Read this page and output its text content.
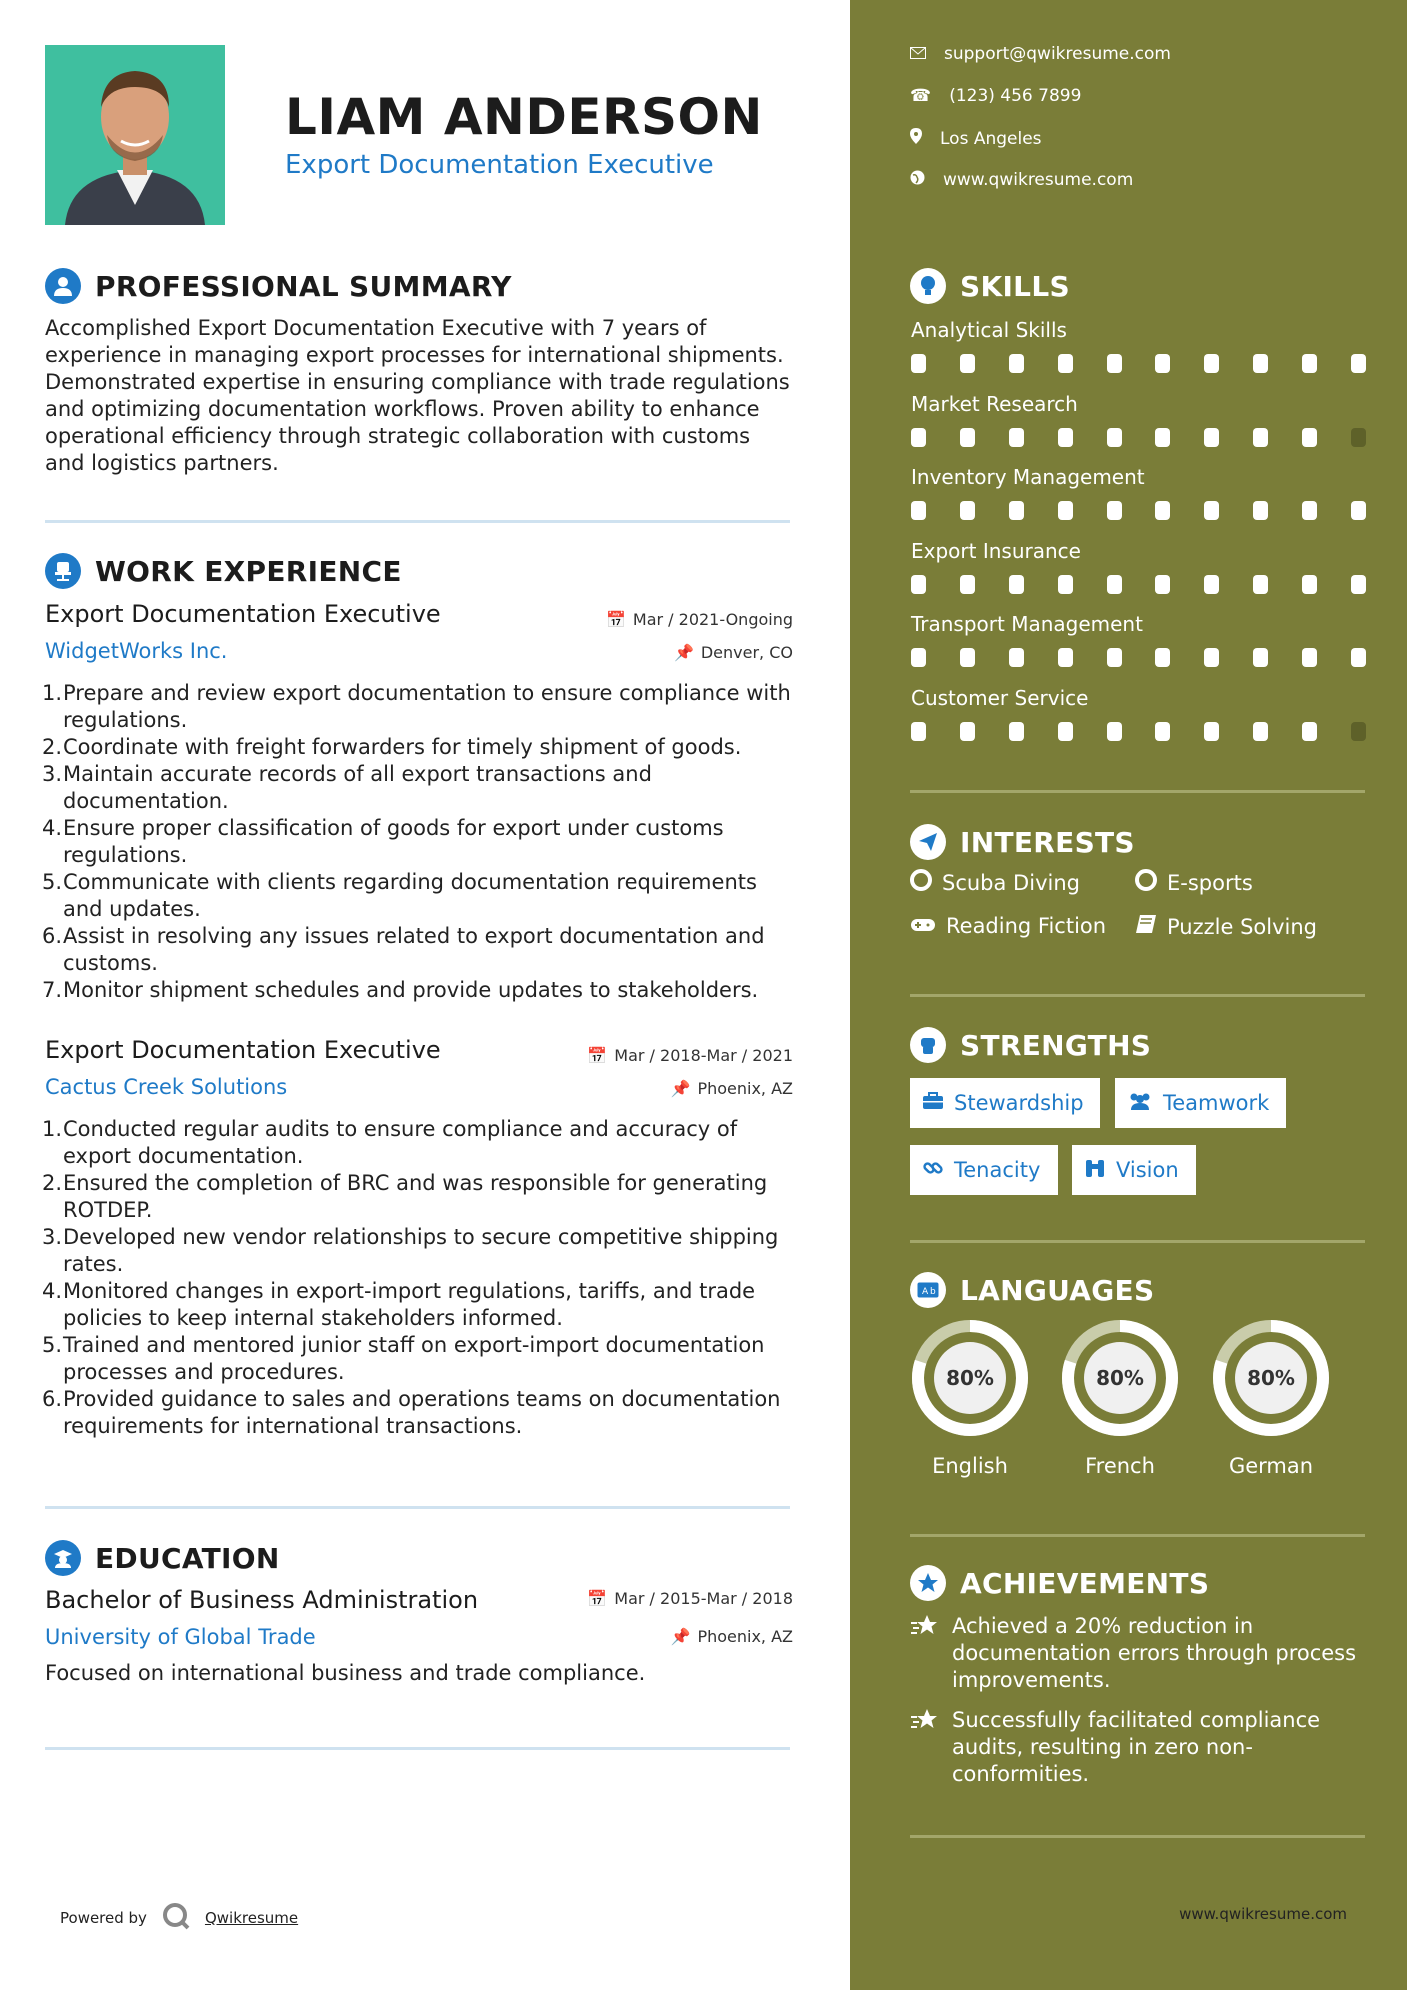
LIAM ANDERSON
Export Documentation Executive
PROFESSIONAL SUMMARY
Accomplished Export Documentation Executive with 7 years of
experience in managing export processes for international shipments.
Demonstrated expertise in ensuring compliance with trade regulations
and optimizing documentation workflows. Proven ability to enhance
operational efficiency through strategic collaboration with customs
and logistics partners.
WORK EXPERIENCE
Export Documentation Executive	📅 Mar / 2021-Ongoing
WidgetWorks Inc.	📌 Denver, CO
1. Prepare and review export documentation to ensure compliance with
regulations.
2. Coordinate with freight forwarders for timely shipment of goods.
3. Maintain accurate records of all export transactions and
documentation.
4. Ensure proper classification of goods for export under customs
regulations.
5. Communicate with clients regarding documentation requirements
and updates.
6. Assist in resolving any issues related to export documentation and
customs.
7. Monitor shipment schedules and provide updates to stakeholders.
Export Documentation Executive	📅 Mar / 2018-Mar / 2021
Cactus Creek Solutions	📌 Phoenix, AZ
1. Conducted regular audits to ensure compliance and accuracy of
export documentation.
2. Ensured the completion of BRC and was responsible for generating
ROTDEP.
3. Developed new vendor relationships to secure competitive shipping
rates.
4. Monitored changes in export-import regulations, tariffs, and trade
policies to keep internal stakeholders informed.
5. Trained and mentored junior staff on export-import documentation
processes and procedures.
6. Provided guidance to sales and operations teams on documentation
requirements for international transactions.
EDUCATION
Bachelor of Business Administration	📅 Mar / 2015-Mar / 2018
University of Global Trade	📌 Phoenix, AZ
Focused on international business and trade compliance.
Powered by	Qwikresume
support@qwikresume.com
☎ (123) 456 7899
Los Angeles
www.qwikresume.com
SKILLS
Analytical Skills
Market Research
Inventory Management
Export Insurance
Transport Management
Customer Service
INTERESTS
Scuba Diving	E-sports
Reading Fiction	Puzzle Solving
STRENGTHS
Stewardship	Teamwork
Tenacity	Vision
A b LANGUAGES
80%
English
80%
French
80%
German
ACHIEVEMENTS
Achieved a 20% reduction in
documentation errors through process
improvements.
Successfully facilitated compliance
audits, resulting in zero non-
conformities.
www.qwikresume.com
